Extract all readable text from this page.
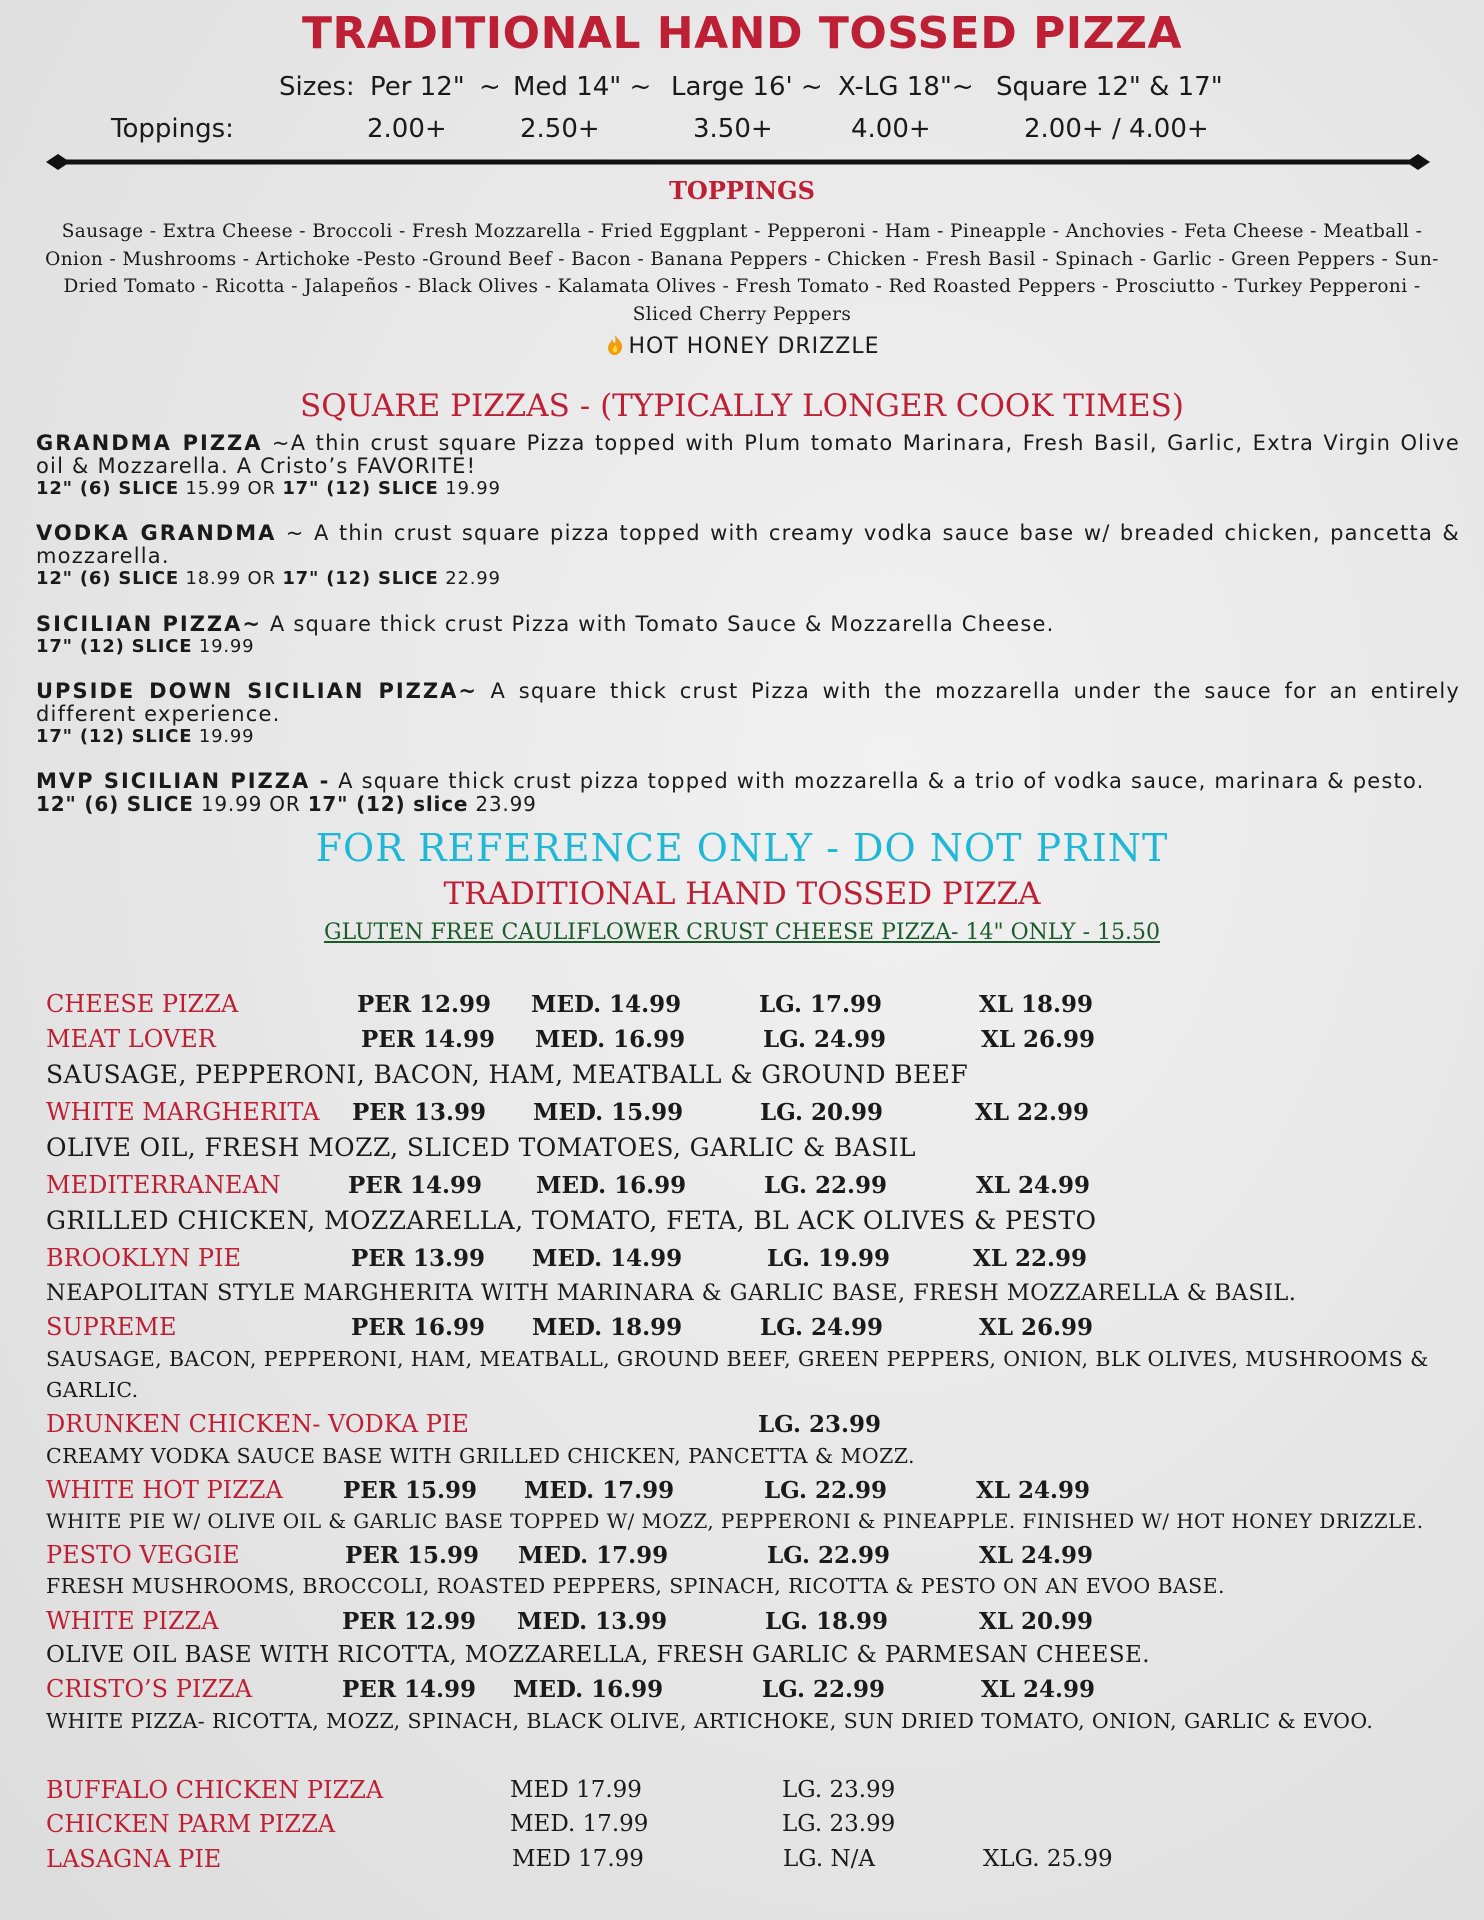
TRADITIONAL HAND TOSSED PIZZA
Sizes: Per 12" ~ Med 14" ~ Large 16' ~ X-LG 18"~ Square 12" & 17"
Toppings:	2.00+	2.50+	3.50+	4.00+	2.00+ / 4.00+
TOPPINGS
Sausage - Extra Cheese - Broccoli - Fresh Mozzarella - Fried Eggplant - Pepperoni - Ham - Pineapple - Anchovies - Feta Cheese - Meatball - Onion - Mushrooms - Artichoke -Pesto -Ground Beef - Bacon - Banana Peppers - Chicken - Fresh Basil - Spinach - Garlic - Green Peppers - Sun-Dried Tomato - Ricotta - Jalapeños - Black Olives - Kalamata Olives - Fresh Tomato - Red Roasted Peppers - Prosciutto - Turkey Pepperoni - Sliced Cherry Peppers
HOT HONEY DRIZZLE
SQUARE PIZZAS - (TYPICALLY LONGER COOK TIMES)
GRANDMA PIZZA ~A thin crust square Pizza topped with Plum tomato Marinara, Fresh Basil, Garlic, Extra Virgin Olive oil & Mozzarella. A Cristo’s FAVORITE!
12" (6) SLICE 15.99 OR 17" (12) SLICE 19.99
VODKA GRANDMA ~ A thin crust square pizza topped with creamy vodka sauce base w/ breaded chicken, pancetta & mozzarella.
12" (6) SLICE 18.99 OR 17" (12) SLICE 22.99
SICILIAN PIZZA~ A square thick crust Pizza with Tomato Sauce & Mozzarella Cheese.
17" (12) SLICE 19.99
UPSIDE DOWN SICILIAN PIZZA~ A square thick crust Pizza with the mozzarella under the sauce for an entirely different experience.
17" (12) SLICE 19.99
MVP SICILIAN PIZZA - A square thick crust pizza topped with mozzarella & a trio of vodka sauce, marinara & pesto.
12" (6) SLICE 19.99 OR 17" (12) slice 23.99
FOR REFERENCE ONLY - DO NOT PRINT
TRADITIONAL HAND TOSSED PIZZA
GLUTEN FREE CAULIFLOWER CRUST CHEESE PIZZA- 14" ONLY - 15.50
CHEESE PIZZA	PER 12.99 MED. 14.99	LG. 17.99	XL 18.99
MEAT LOVER	PER 14.99 MED. 16.99	LG. 24.99	XL 26.99
SAUSAGE, PEPPERONI, BACON, HAM, MEATBALL & GROUND BEEF
WHITE MARGHERITA PER 13.99 MED. 15.99	LG. 20.99	XL 22.99
OLIVE OIL, FRESH MOZZ, SLICED TOMATOES, GARLIC & BASIL
MEDITERRANEAN	PER 14.99 MED. 16.99	LG. 22.99	XL 24.99
GRILLED CHICKEN, MOZZARELLA, TOMATO, FETA, BL ACK OLIVES & PESTO
BROOKLYN PIE	PER 13.99 MED. 14.99	LG. 19.99	XL 22.99
NEAPOLITAN STYLE MARGHERITA WITH MARINARA & GARLIC BASE, FRESH MOZZARELLA & BASIL.
SUPREME	PER 16.99 MED. 18.99	LG. 24.99	XL 26.99
SAUSAGE, BACON, PEPPERONI, HAM, MEATBALL, GROUND BEEF, GREEN PEPPERS, ONION, BLK OLIVES, MUSHROOMS & GARLIC.
DRUNKEN CHICKEN- VODKA PIE	LG. 23.99
CREAMY VODKA SAUCE BASE WITH GRILLED CHICKEN, PANCETTA & MOZZ.
WHITE HOT PIZZA	PER 15.99 MED. 17.99	LG. 22.99	XL 24.99
WHITE PIE W/ OLIVE OIL & GARLIC BASE TOPPED W/ MOZZ, PEPPERONI & PINEAPPLE. FINISHED W/ HOT HONEY DRIZZLE.
PESTO VEGGIE	PER 15.99 MED. 17.99	LG. 22.99	XL 24.99
FRESH MUSHROOMS, BROCCOLI, ROASTED PEPPERS, SPINACH, RICOTTA & PESTO ON AN EVOO BASE.
WHITE PIZZA	PER 12.99 MED. 13.99	LG. 18.99	XL 20.99
OLIVE OIL BASE WITH RICOTTA, MOZZARELLA, FRESH GARLIC & PARMESAN CHEESE.
CRISTO’S PIZZA	PER 14.99 MED. 16.99	LG. 22.99	XL 24.99
WHITE PIZZA- RICOTTA, MOZZ, SPINACH, BLACK OLIVE, ARTICHOKE, SUN DRIED TOMATO, ONION, GARLIC & EVOO.
BUFFALO CHICKEN PIZZA	MED 17.99	LG. 23.99
CHICKEN PARM PIZZA	MED. 17.99	LG. 23.99
LASAGNA PIE	MED 17.99	LG. N/A	XLG. 25.99
